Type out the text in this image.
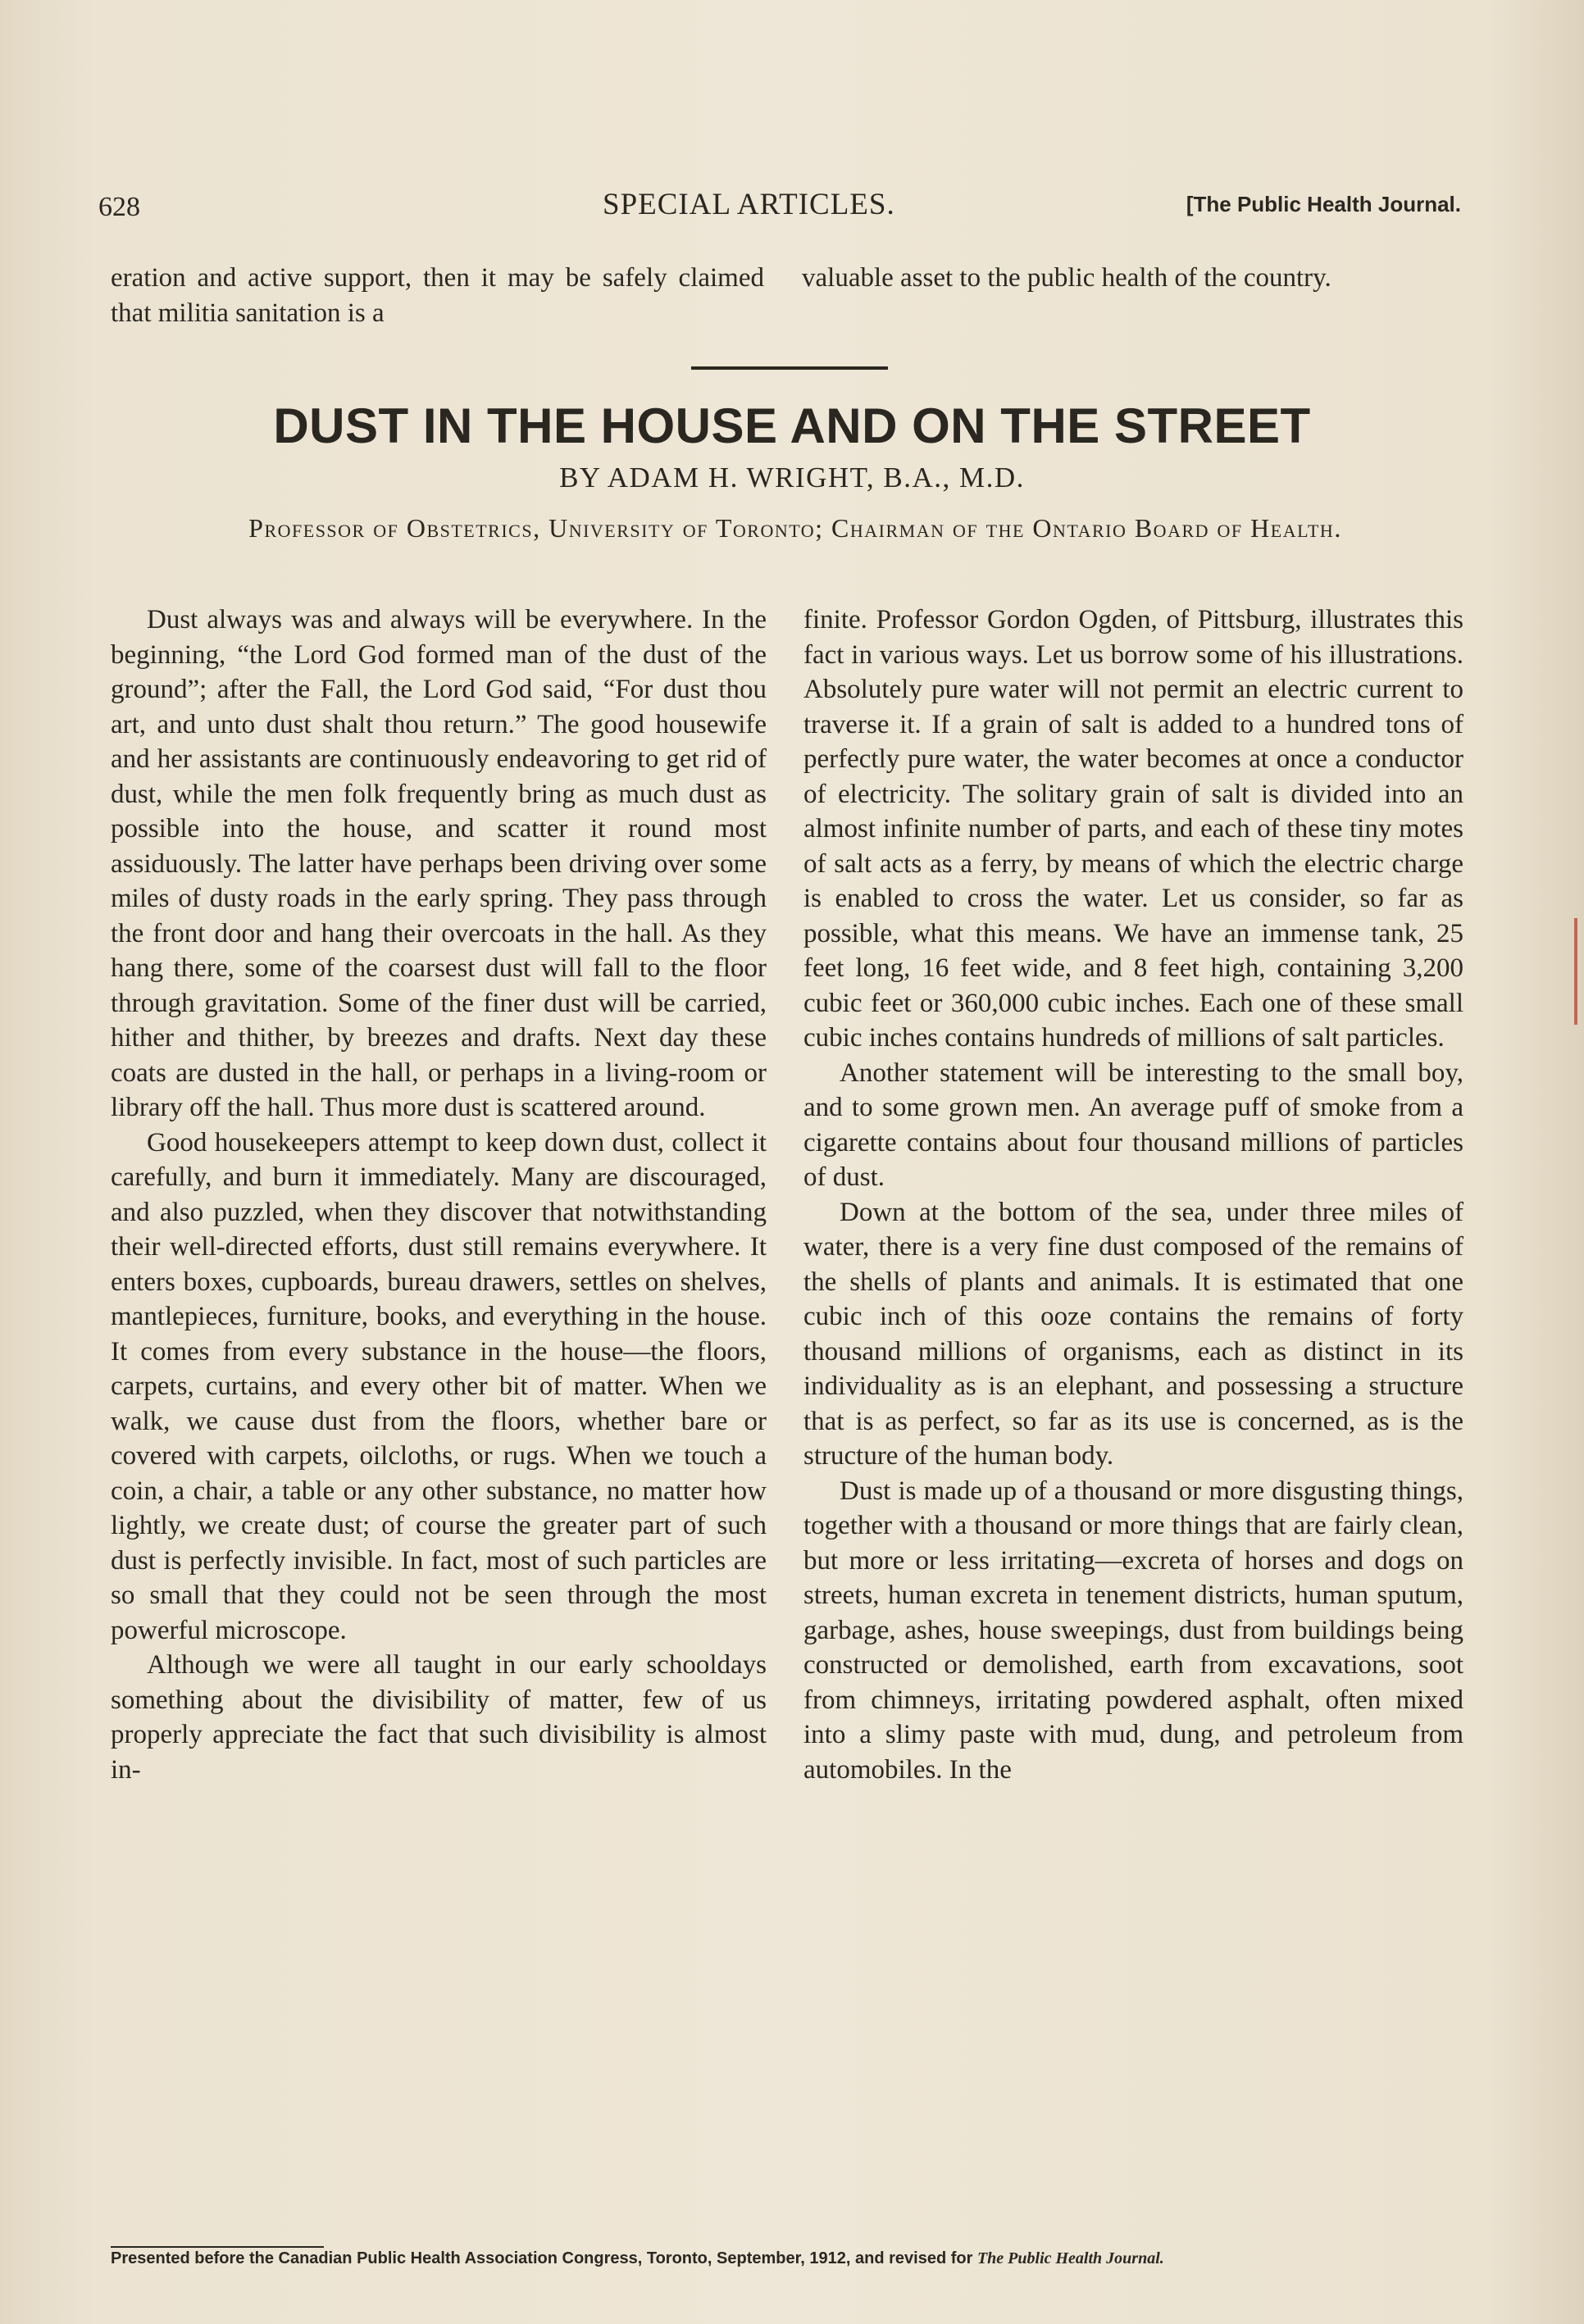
628	SPECIAL ARTICLES.	[The Public Health Journal.

eration and active support, then it may be safely claimed that militia sanitation is a

valuable asset to the public health of the country.

DUST IN THE HOUSE AND ON THE STREET
BY ADAM H. WRIGHT, B.A., M.D.
Professor of Obstetrics, University of Toronto; Chairman of the Ontario Board of Health.

Dust always was and always will be everywhere. In the beginning, “the Lord God formed man of the dust of the ground”; after the Fall, the Lord God said, “For dust thou art, and unto dust shalt thou return.” The good housewife and her assistants are continuously endeavoring to get rid of dust, while the men folk frequently bring as much dust as possible into the house, and scatter it round most assiduously. The latter have perhaps been driving over some miles of dusty roads in the early spring. They pass through the front door and hang their overcoats in the hall. As they hang there, some of the coarsest dust will fall to the floor through gravitation. Some of the finer dust will be carried, hither and thither, by breezes and drafts. Next day these coats are dusted in the hall, or perhaps in a living-room or library off the hall. Thus more dust is scattered around.

Good housekeepers attempt to keep down dust, collect it carefully, and burn it immediately. Many are discouraged, and also puzzled, when they discover that notwithstanding their well-directed efforts, dust still remains everywhere. It enters boxes, cupboards, bureau drawers, settles on shelves, mantlepieces, furniture, books, and everything in the house. It comes from every substance in the house—the floors, carpets, curtains, and every other bit of matter. When we walk, we cause dust from the floors, whether bare or covered with carpets, oilcloths, or rugs. When we touch a coin, a chair, a table or any other substance, no matter how lightly, we create dust; of course the greater part of such dust is perfectly invisible. In fact, most of such particles are so small that they could not be seen through the most powerful microscope.

Although we were all taught in our early schooldays something about the divisibility of matter, few of us properly appreciate the fact that such divisibility is almost in-

finite. Professor Gordon Ogden, of Pittsburg, illustrates this fact in various ways. Let us borrow some of his illustrations. Absolutely pure water will not permit an electric current to traverse it. If a grain of salt is added to a hundred tons of perfectly pure water, the water becomes at once a conductor of electricity. The solitary grain of salt is divided into an almost infinite number of parts, and each of these tiny motes of salt acts as a ferry, by means of which the electric charge is enabled to cross the water. Let us consider, so far as possible, what this means. We have an immense tank, 25 feet long, 16 feet wide, and 8 feet high, containing 3,200 cubic feet or 360,000 cubic inches. Each one of these small cubic inches contains hundreds of millions of salt particles.

Another statement will be interesting to the small boy, and to some grown men. An average puff of smoke from a cigarette contains about four thousand millions of particles of dust.

Down at the bottom of the sea, under three miles of water, there is a very fine dust composed of the remains of the shells of plants and animals. It is estimated that one cubic inch of this ooze contains the remains of forty thousand millions of organisms, each as distinct in its individuality as is an elephant, and possessing a structure that is as perfect, so far as its use is concerned, as is the structure of the human body.

Dust is made up of a thousand or more disgusting things, together with a thousand or more things that are fairly clean, but more or less irritating—excreta of horses and dogs on streets, human excreta in tenement districts, human sputum, garbage, ashes, house sweepings, dust from buildings being constructed or demolished, earth from excavations, soot from chimneys, irritating powdered asphalt, often mixed into a slimy paste with mud, dung, and petroleum from automobiles. In the

Presented before the Canadian Public Health Association Congress, Toronto, September, 1912, and revised for The Public Health Journal.
